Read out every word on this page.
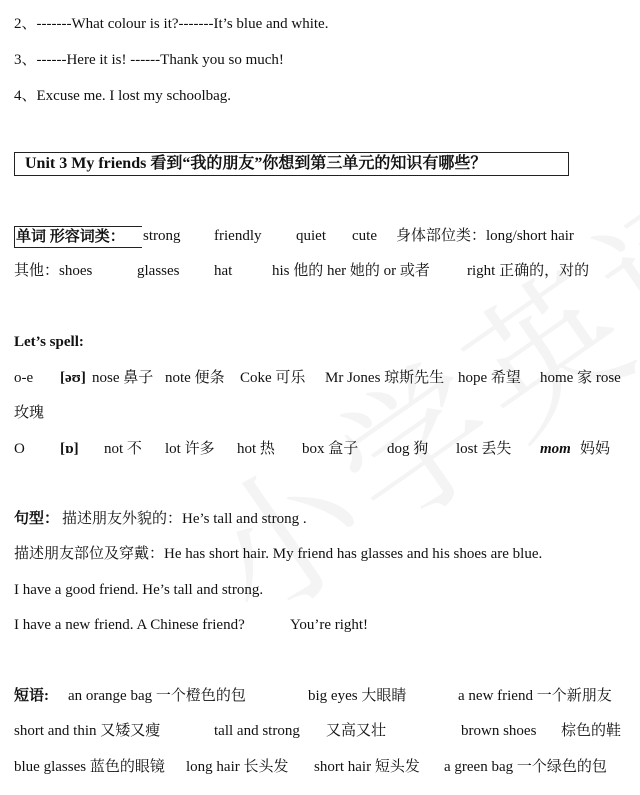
2、-------What colour is it?-------It’s blue and white.
3、------Here it is! ------Thank you so much!
4、Excuse me. I lost my schoolbag.
Unit 3 My friends 看到“我的朋友”你想到第三单元的知识有哪些？
单词 形容词类：	strong friendly quiet cute 身体部位类：long/short hair
其他：shoes	glasses hat	his 他的 her 她的 or 或者 right 正确的，对的
Let’s spell:
o-e [əʊ] nose 鼻子 note 便条 Coke 可乐 Mr Jones 琼斯先生 hope 希望 home 家 rose
玫瑰
O [ɒ] not 不 lot 许多 hot 热 box 盒子 dog 狗 lost 丢失 mom 妈妈
句型： 描述朋友外貌的：He’s tall and strong .
描述朋友部位及穿戴：He has short hair. My friend has glasses and his shoes are blue.
I have a good friend. He’s tall and strong.
I have a new friend. A Chinese friend?	You’re right!
短语: an orange bag 一个橙色的包	big eyes 大眼睛	a new friend 一个新朋友
short and thin 又矮又瘦	tall and strong 又高又壮	brown shoes 棕色的鞋
blue glasses 蓝色的眼镜 long hair 长头发 short hair 短头发 a green bag 一个绿色的包
